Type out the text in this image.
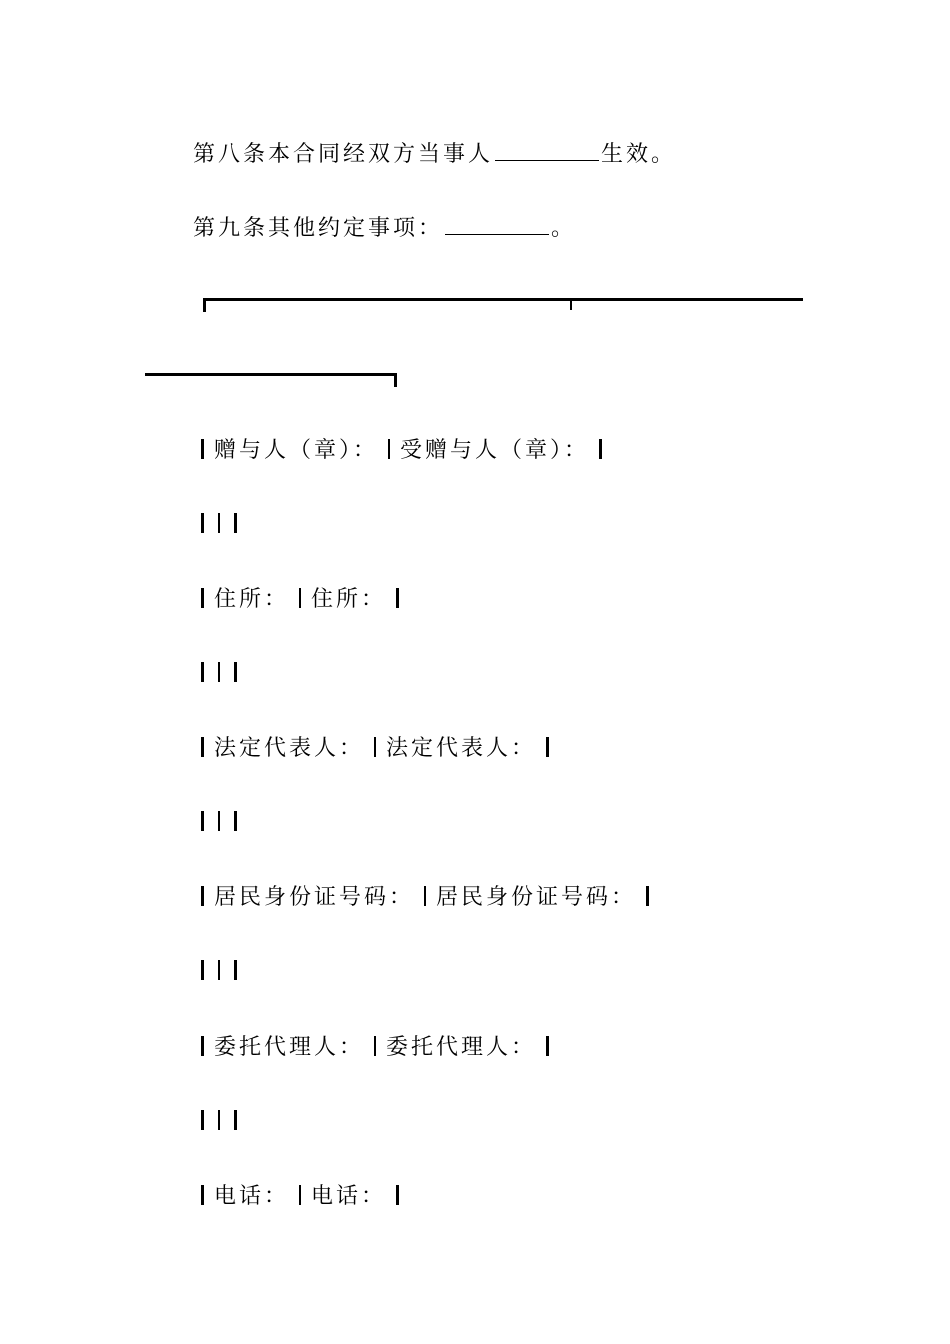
第八条本合同经双方当事人	生效。
第九条其他约定事项：	。
赠与人（章）： 受赠与人（章）：
住所： 住所：
法定代表人： 法定代表人：
居民身份证号码： 居民身份证号码：
委托代理人： 委托代理人：
电话： 电话：
